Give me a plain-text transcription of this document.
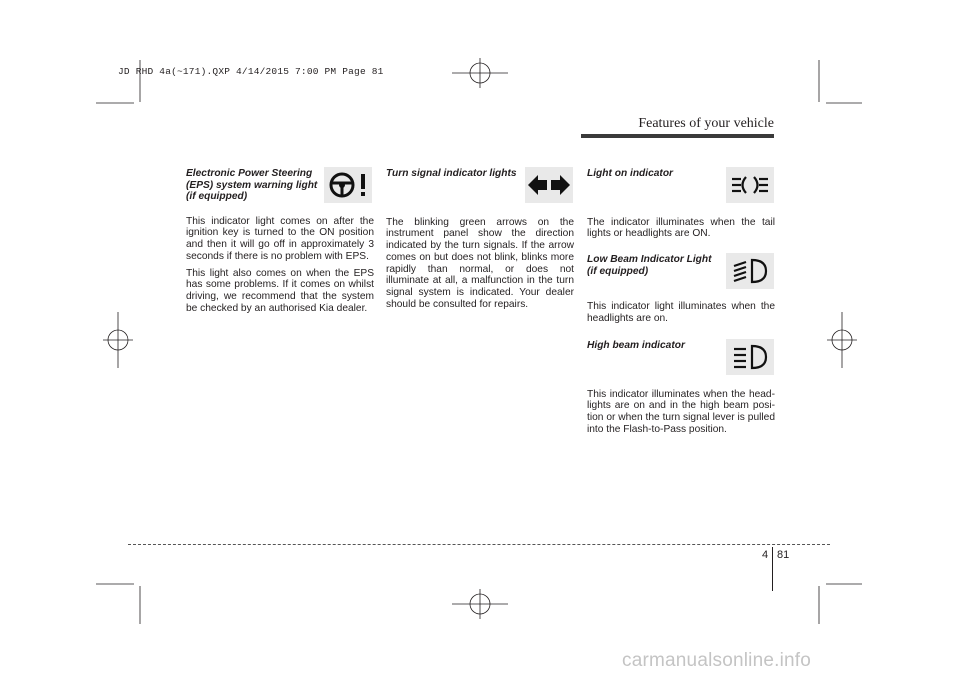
JD RHD 4a(~171).QXP 4/14/2015 7:00 PM Page 81
Features of your vehicle
Electronic Power Steering
(EPS) system warning light
(if equipped)

This indicator light comes on after the ignition key is turned to the ON position and then it will go off in approximately 3 seconds if there is no problem with EPS.

This light also comes on when the EPS has some problems. If it comes on whilst driving, we recommend that the system be checked by an authorised Kia dealer.

Turn signal indicator lights

The blinking green arrows on the instrument panel show the direction indicated by the turn signals. If the arrow comes on but does not blink, blinks more rapidly than normal, or does not illuminate at all, a malfunction in the turn signal system is indicated. Your dealer should be consulted for repairs.

Light on indicator

The indicator illuminates when the tail lights or headlights are ON.

Low Beam Indicator Light
(if equipped)

This indicator light illuminates when the headlights are on.

High beam indicator

This indicator illuminates when the head-lights are on and in the high beam posi-tion or when the turn signal lever is pulled into the Flash-to-Pass position.

4 81
carmanualsonline.info
